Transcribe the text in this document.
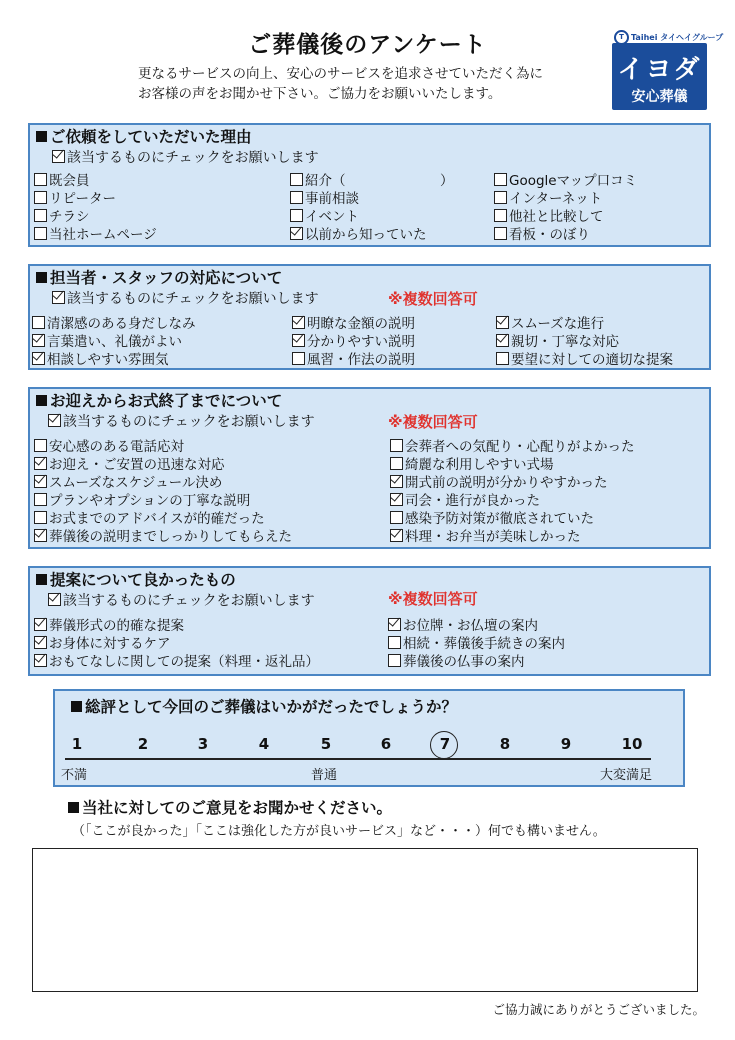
ご葬儀後のアンケート
更なるサービスの向上、安心のサービスを追求させていただく為に
お客様の声をお聞かせ下さい。ご協力をお願いいたします。
T Taihei タイヘイグループ
イヨダ
安心葬儀
ご依頼をしていただいた理由
該当するものにチェックをお願いします
既会員
リピーター
チラシ
当社ホームページ
紹介（　　　　　　　）
事前相談
イベント
以前から知っていた
Googleマップ口コミ
インターネット
他社と比較して
看板・のぼり
担当者・スタッフの対応について
該当するものにチェックをお願いします	※複数回答可
清潔感のある身だしなみ
言葉遣い、礼儀がよい
相談しやすい雰囲気
明瞭な金額の説明
分かりやすい説明
風習・作法の説明
スムーズな進行
親切・丁寧な対応
要望に対しての適切な提案
お迎えからお式終了までについて
該当するものにチェックをお願いします	※複数回答可
安心感のある電話応対
お迎え・ご安置の迅速な対応
スムーズなスケジュール決め
プランやオプションの丁寧な説明
お式までのアドバイスが的確だった
葬儀後の説明までしっかりしてもらえた
会葬者への気配り・心配りがよかった
綺麗な利用しやすい式場
開式前の説明が分かりやすかった
司会・進行が良かった
感染予防対策が徹底されていた
料理・お弁当が美味しかった
提案について良かったもの
該当するものにチェックをお願いします	※複数回答可
葬儀形式の的確な提案
お身体に対するケア
おもてなしに関しての提案（料理・返礼品）
お位牌・お仏壇の案内
相続・葬儀後手続きの案内
葬儀後の仏事の案内
総評として今回のご葬儀はいかがだったでしょうか？
1	2	3	4	5	6	7	8	9	10
不満	普通	大変満足
当社に対してのご意見をお聞かせください。
（「ここが良かった」「ここは強化した方が良いサービス」など・・・）何でも構いません。
ご協力誠にありがとうございました。
